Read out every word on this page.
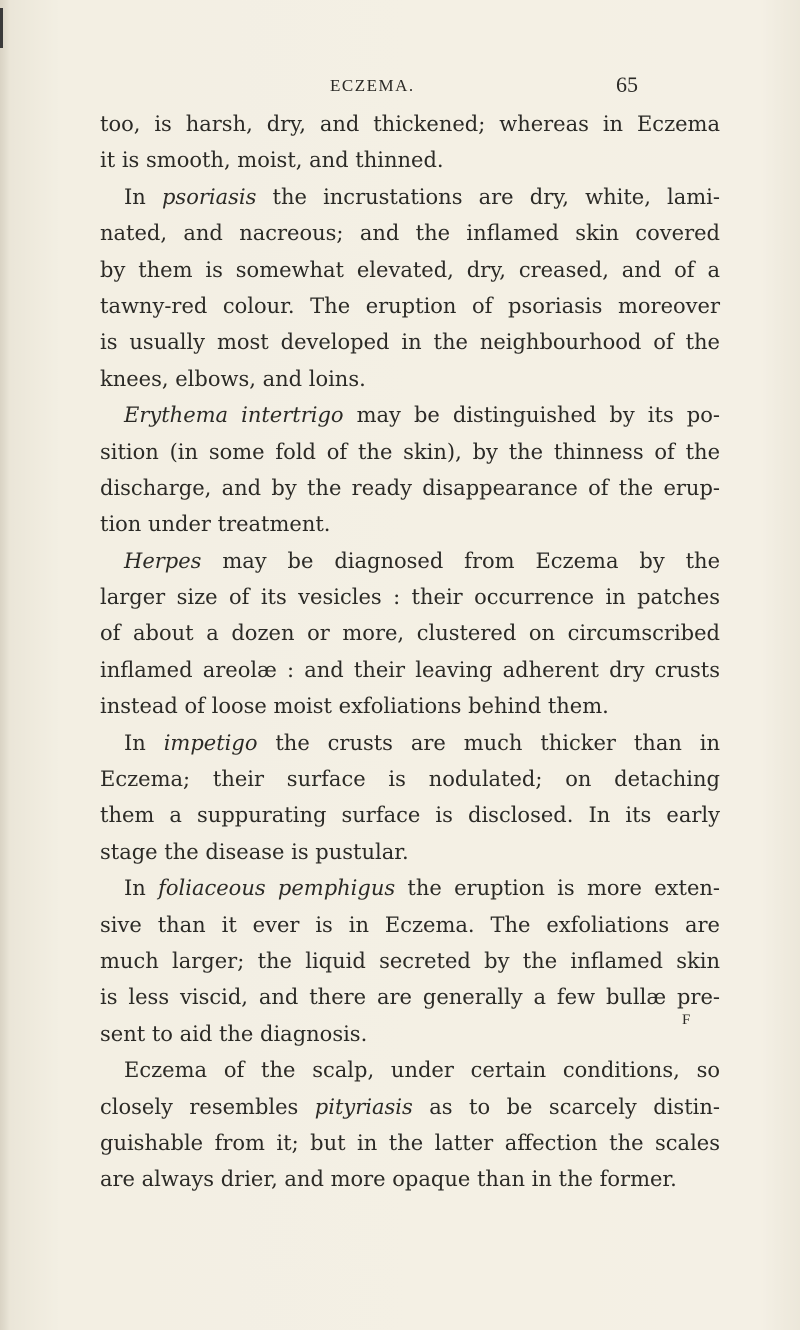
ECZEMA.	65
too, is harsh, dry, and thickened; whereas in Eczema
it is smooth, moist, and thinned.
In psoriasis the incrustations are dry, white, lami-
nated, and nacreous; and the inflamed skin covered
by them is somewhat elevated, dry, creased, and of a
tawny-red colour. The eruption of psoriasis moreover
is usually most developed in the neighbourhood of the
knees, elbows, and loins.
Erythema intertrigo may be distinguished by its po-
sition (in some fold of the skin), by the thinness of the
discharge, and by the ready disappearance of the erup-
tion under treatment.
Herpes may be diagnosed from Eczema by the
larger size of its vesicles : their occurrence in patches
of about a dozen or more, clustered on circumscribed
inflamed areolæ : and their leaving adherent dry crusts
instead of loose moist exfoliations behind them.
In impetigo the crusts are much thicker than in
Eczema; their surface is nodulated; on detaching
them a suppurating surface is disclosed. In its early
stage the disease is pustular.
In foliaceous pemphigus the eruption is more exten-
sive than it ever is in Eczema. The exfoliations are
much larger; the liquid secreted by the inflamed skin
is less viscid, and there are generally a few bullæ pre-
sent to aid the diagnosis.
Eczema of the scalp, under certain conditions, so
closely resembles pityriasis as to be scarcely distin-
guishable from it; but in the latter affection the scales
are always drier, and more opaque than in the former.
F
